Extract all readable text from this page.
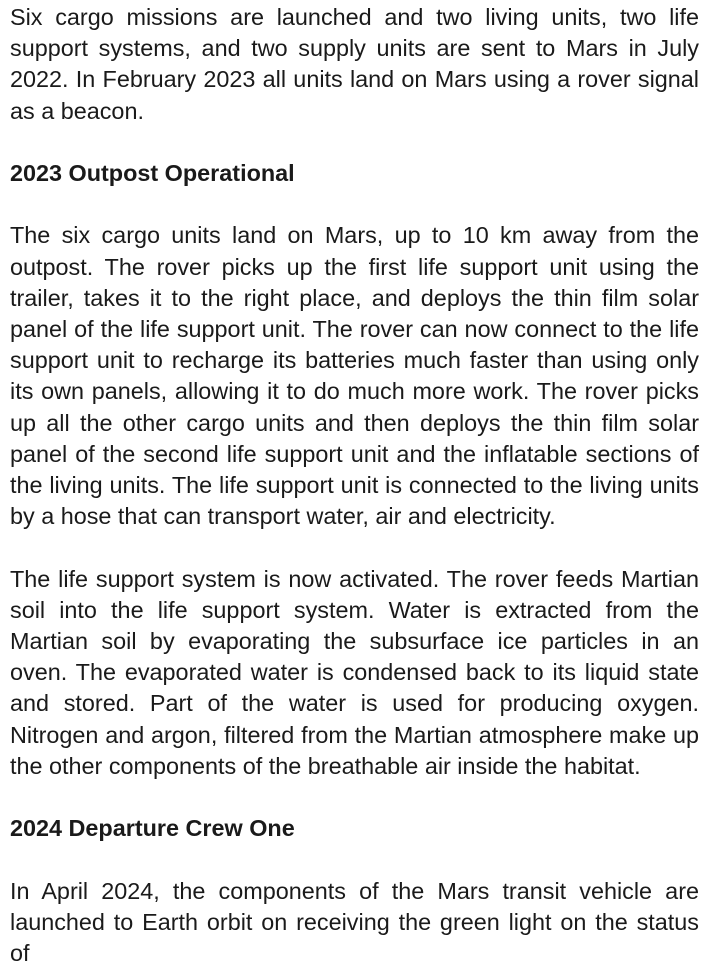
Six cargo missions are launched and two living units, two life support systems, and two supply units are sent to Mars in July 2022. In February 2023 all units land on Mars using a rover signal as a beacon.

2023 Outpost Operational

The six cargo units land on Mars, up to 10 km away from the outpost. The rover picks up the first life support unit using the trailer, takes it to the right place, and deploys the thin film solar panel of the life support unit. The rover can now connect to the life support unit to recharge its batteries much faster than using only its own panels, allowing it to do much more work. The rover picks up all the other cargo units and then deploys the thin film solar panel of the second life support unit and the inflatable sections of the living units. The life support unit is connected to the living units by a hose that can transport water, air and electricity.

The life support system is now activated. The rover feeds Martian soil into the life support system. Water is extracted from the Martian soil by evaporating the subsurface ice particles in an oven. The evaporated water is condensed back to its liquid state and stored. Part of the water is used for producing oxygen. Nitrogen and argon, filtered from the Martian atmosphere make up the other components of the breathable air inside the habitat.

2024 Departure Crew One

In April 2024, the components of the Mars transit vehicle are launched to Earth orbit on receiving the green light on the status of
